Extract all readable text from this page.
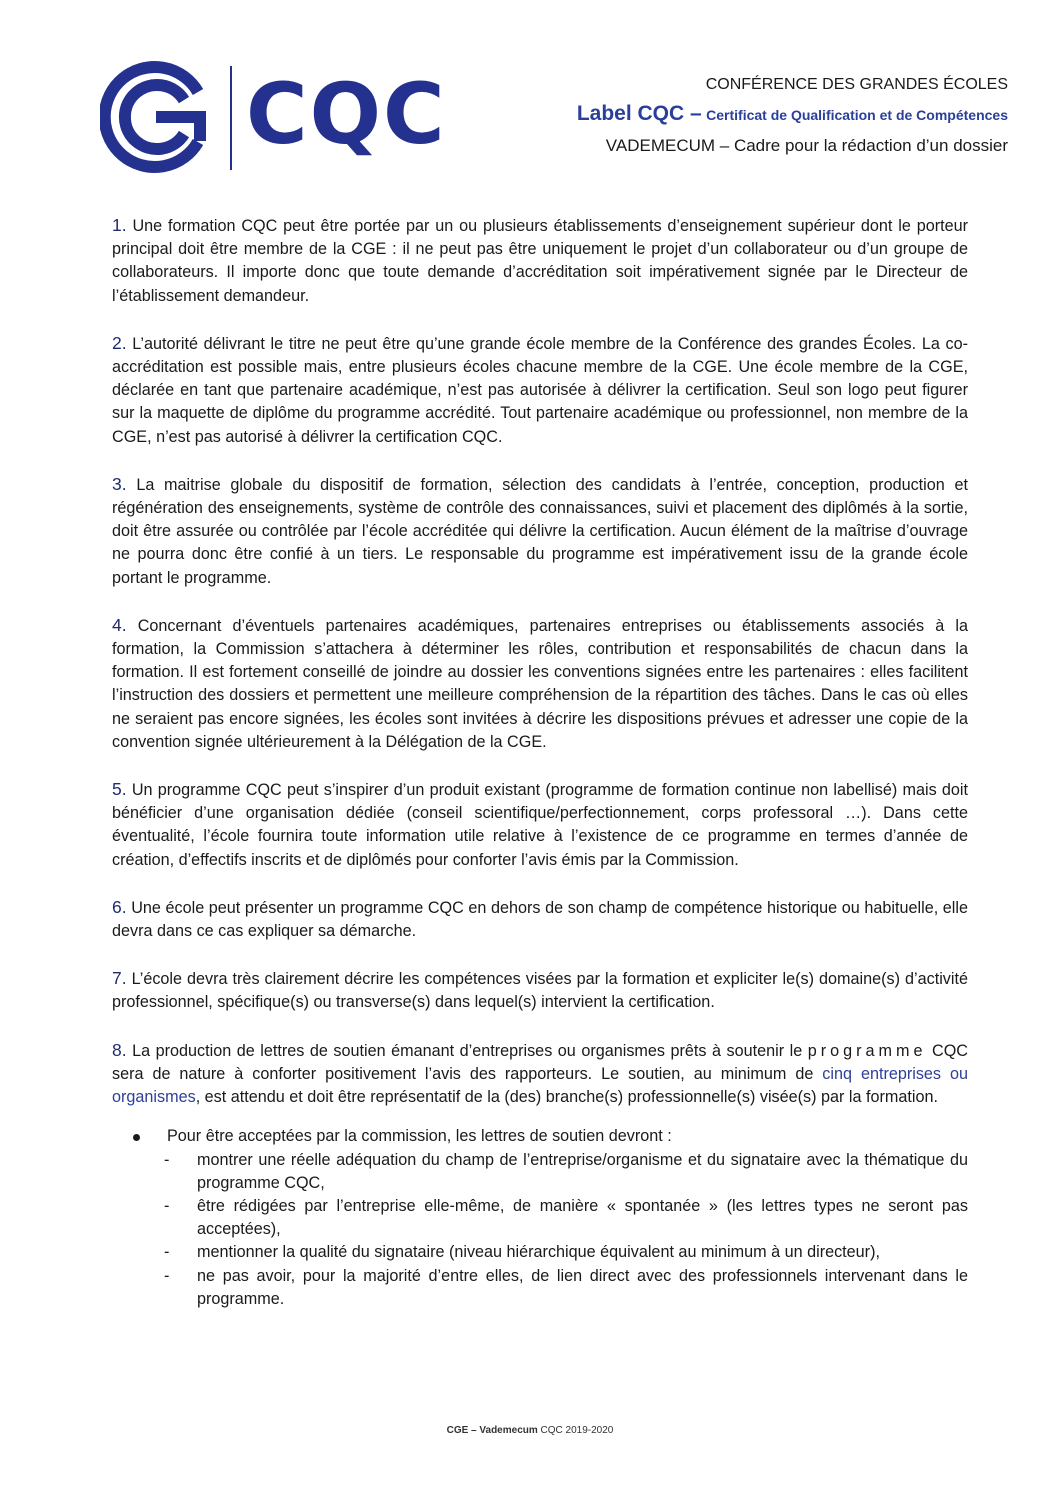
CQC	CONFÉRENCE DES GRANDES ÉCOLES
Label CQC – Certificat de Qualification et de Compétences
VADEMECUM – Cadre pour la rédaction d’un dossier

1. Une formation CQC peut être portée par un ou plusieurs établissements d’enseignement supérieur dont le porteur principal doit être membre de la CGE : il ne peut pas être uniquement le projet d’un collaborateur ou d’un groupe de collaborateurs. Il importe donc que toute demande d’accréditation soit impérativement signée par le Directeur de l’établissement demandeur.

2. L’autorité délivrant le titre ne peut être qu’une grande école membre de la Conférence des grandes Écoles. La co-accréditation est possible mais, entre plusieurs écoles chacune membre de la CGE. Une école membre de la CGE, déclarée en tant que partenaire académique, n’est pas autorisée à délivrer la certification. Seul son logo peut figurer sur la maquette de diplôme du programme accrédité. Tout partenaire académique ou professionnel, non membre de la CGE, n’est pas autorisé à délivrer la certification CQC.

3. La maitrise globale du dispositif de formation, sélection des candidats à l’entrée, conception, production et régénération des enseignements, système de contrôle des connaissances, suivi et placement des diplômés à la sortie, doit être assurée ou contrôlée par l’école accréditée qui délivre la certification. Aucun élément de la maîtrise d’ouvrage ne pourra donc être confié à un tiers. Le responsable du programme est impérativement issu de la grande école portant le programme.

4. Concernant d’éventuels partenaires académiques, partenaires entreprises ou établissements associés à la formation, la Commission s’attachera à déterminer les rôles, contribution et responsabilités de chacun dans la formation. Il est fortement conseillé de joindre au dossier les conventions signées entre les partenaires : elles facilitent l’instruction des dossiers et permettent une meilleure compréhension de la répartition des tâches. Dans le cas où elles ne seraient pas encore signées, les écoles sont invitées à décrire les dispositions prévues et adresser une copie de la convention signée ultérieurement à la Délégation de la CGE.

5. Un programme CQC peut s’inspirer d’un produit existant (programme de formation continue non labellisé) mais doit bénéficier d’une organisation dédiée (conseil scientifique/perfectionnement, corps professoral …). Dans cette éventualité, l’école fournira toute information utile relative à l’existence de ce programme en termes d’année de création, d’effectifs inscrits et de diplômés pour conforter l’avis émis par la Commission.

6. Une école peut présenter un programme CQC en dehors de son champ de compétence historique ou habituelle, elle devra dans ce cas expliquer sa démarche.

7. L’école devra très clairement décrire les compétences visées par la formation et expliciter le(s) domaine(s) d’activité professionnel, spécifique(s) ou transverse(s) dans lequel(s) intervient la certification.

8. La production de lettres de soutien émanant d’entreprises ou organismes prêts à soutenir le programme CQC sera de nature à conforter positivement l’avis des rapporteurs. Le soutien, au minimum de cinq entreprises ou organismes, est attendu et doit être représentatif de la (des) branche(s) professionnelle(s) visée(s) par la formation.

Pour être acceptées par la commission, les lettres de soutien devront :
- montrer une réelle adéquation du champ de l’entreprise/organisme et du signataire avec la thématique du programme CQC,
- être rédigées par l’entreprise elle-même, de manière « spontanée » (les lettres types ne seront pas acceptées),
- mentionner la qualité du signataire (niveau hiérarchique équivalent au minimum à un directeur),
- ne pas avoir, pour la majorité d’entre elles, de lien direct avec des professionnels intervenant dans le programme.
CGE – Vademecum CQC 2019-2020
